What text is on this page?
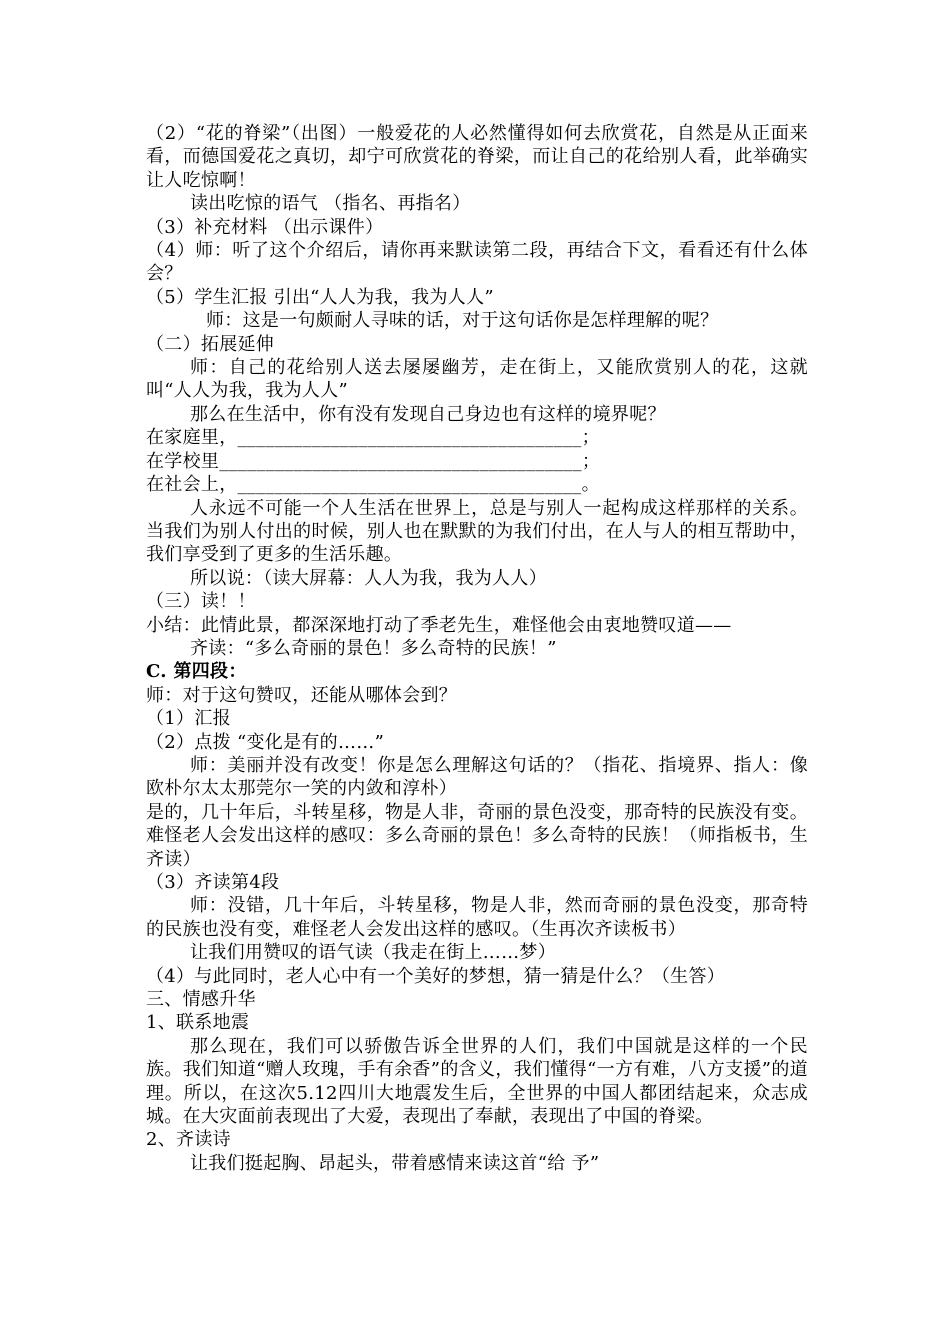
（2）“花的脊梁”（出图）一般爱花的人必然懂得如何去欣赏花，自然是从正面来看，而德国爱花之真切，却宁可欣赏花的脊梁，而让自己的花给别人看，此举确实让人吃惊啊！

读出吃惊的语气 （指名、再指名）

（3）补充材料 （出示课件）

（4）师：听了这个介绍后，请你再来默读第二段，再结合下文，看看还有什么体会？

（5）学生汇报 引出“人人为我，我为人人”

师：这是一句颇耐人寻味的话，对于这句话你是怎样理解的呢？

（二）拓展延伸

师：自己的花给别人送去屡屡幽芳，走在街上，又能欣赏别人的花，这就叫“人人为我，我为人人”

那么在生活中，你有没有发现自己身边也有这样的境界呢？

在家庭里，_____________________________________；

在学校里_______________________________________；

在社会上，_____________________________________。

人永远不可能一个人生活在世界上，总是与别人一起构成这样那样的关系。当我们为别人付出的时候，别人也在默默的为我们付出，在人与人的相互帮助中，我们享受到了更多的生活乐趣。

所以说：（读大屏幕：人人为我，我为人人）

（三）读！！

小结：此情此景，都深深地打动了季老先生，难怪他会由衷地赞叹道——

齐读：“多么奇丽的景色！多么奇特的民族！”

C. 第四段：

师：对于这句赞叹，还能从哪体会到？

（1）汇报

（2）点拨 “变化是有的……”

师：美丽并没有改变！你是怎么理解这句话的？（指花、指境界、指人：像欧朴尔太太那莞尔一笑的内敛和淳朴）

是的，几十年后，斗转星移，物是人非，奇丽的景色没变，那奇特的民族没有变。难怪老人会发出这样的感叹：多么奇丽的景色！多么奇特的民族！（师指板书，生齐读）

（3）齐读第4段

师：没错，几十年后，斗转星移，物是人非，然而奇丽的景色没变，那奇特的民族也没有变，难怪老人会发出这样的感叹。（生再次齐读板书）

让我们用赞叹的语气读（我走在街上……梦）

（4）与此同时，老人心中有一个美好的梦想，猜一猜是什么？（生答）

三、情感升华

1、联系地震

那么现在，我们可以骄傲告诉全世界的人们，我们中国就是这样的一个民族。我们知道“赠人玫瑰，手有余香”的含义，我们懂得“一方有难，八方支援”的道理。所以，在这次5.12四川大地震发生后，全世界的中国人都团结起来，众志成城。在大灾面前表现出了大爱，表现出了奉献，表现出了中国的脊梁。

2、齐读诗

让我们挺起胸、昂起头，带着感情来读这首“给 予”
